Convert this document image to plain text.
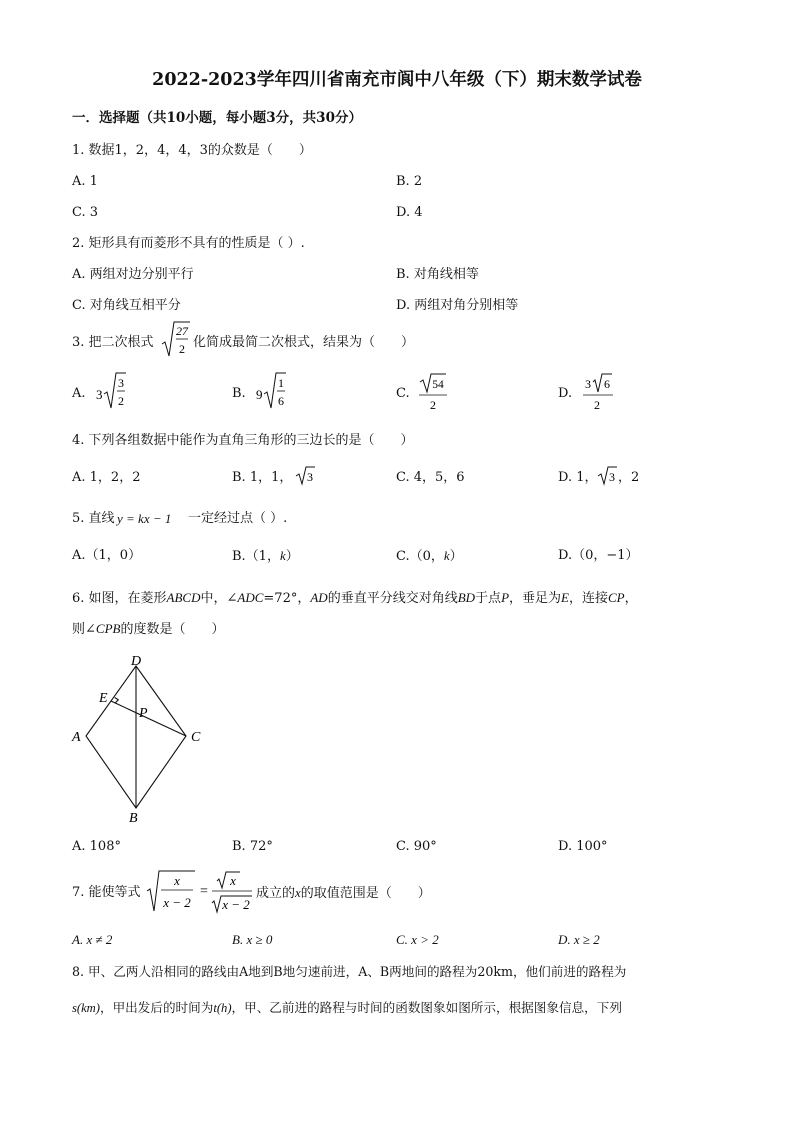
2022-2023学年四川省南充市阆中八年级（下）期末数学试卷
一．选择题（共10小题，每小题3分，共30分）
1. 数据1，2，4，4，3的众数是（　　）
A. 1	B. 2
C. 3	D. 4
2. 矩形具有而菱形不具有的性质是（ ）.
A. 两组对边分别平行	B. 对角线相等
C. 对角线互相平分	D. 两组对角分别相等
3. 把二次根式
27
2 化简成最简二次根式，结果为（　　）
A. 3
3
2	B. 9
1
6	C.
54
2
D.
3 6
2
4. 下列各组数据中能作为直角三角形的三边长的是（　　）
A. 1，2，2	B. 1，1， 3	C. 4，5，6	D. 1， 3 ，2
5. 直线 y = kx − 1 一定经过点（ ）.
A.（1，0）	B.（1，k）	C.（0，k）	D.（0，−1）
6. 如图，在菱形ABCD中，∠ADC=72°，AD的垂直平分线交对角线BD于点P，垂足为E，连接CP，
则∠CPB的度数是（　　）
D
E
P
A	C
B
A. 108°	B. 72°	C. 90°	D. 100°
7. 能使等式
x
x − 2
=
x
x − 2
成立的x的取值范围是（　　）
A. x ≠ 2	B. x ≥ 0	C. x > 2	D. x ≥ 2
8. 甲、乙两人沿相同的路线由A地到B地匀速前进，A、B两地间的路程为20km，他们前进的路程为
s(km)，甲出发后的时间为t(h)，甲、乙前进的路程与时间的函数图象如图所示，根据图象信息，下列
